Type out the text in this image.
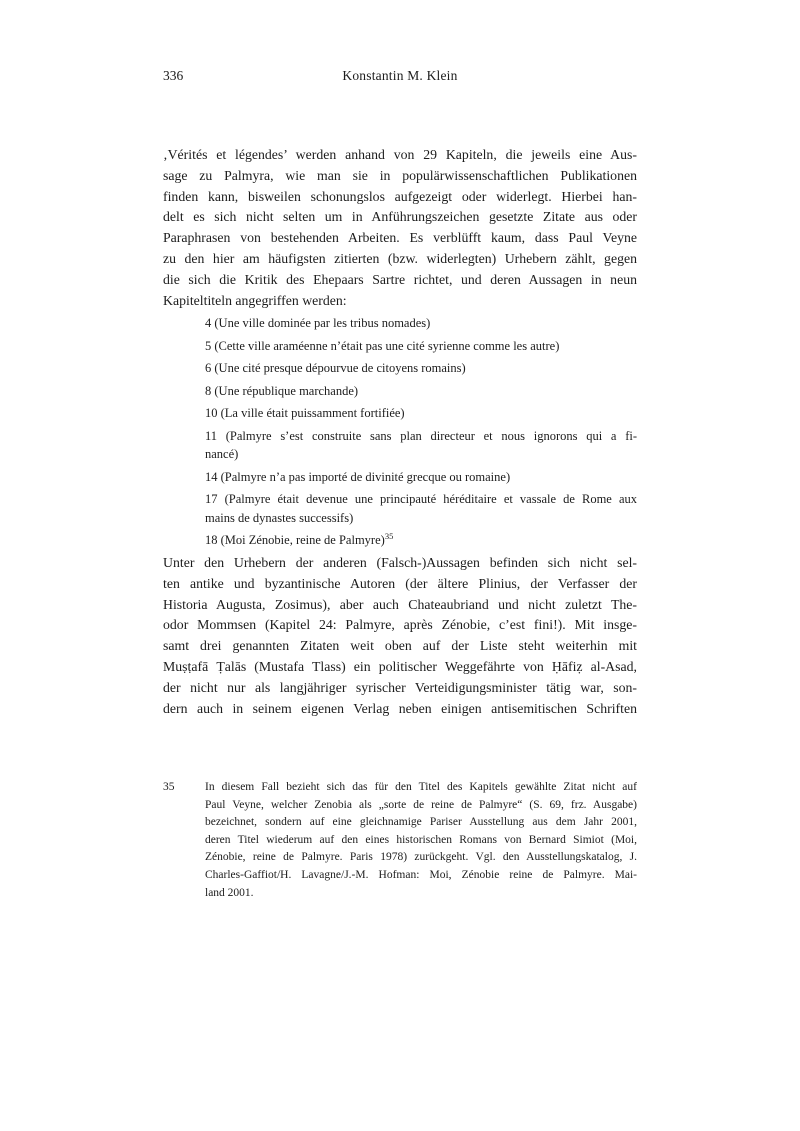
336	Konstantin M. Klein
‚Vérités et légendes’ werden anhand von 29 Kapiteln, die jeweils eine Aus-
sage zu Palmyra, wie man sie in populärwissenschaftlichen Publikationen
finden kann, bisweilen schonungslos aufgezeigt oder widerlegt. Hierbei han-
delt es sich nicht selten um in Anführungszeichen gesetzte Zitate aus oder
Paraphrasen von bestehenden Arbeiten. Es verblüfft kaum, dass Paul Veyne
zu den hier am häufigsten zitierten (bzw. widerlegten) Urhebern zählt, gegen
die sich die Kritik des Ehepaars Sartre richtet, und deren Aussagen in neun
Kapiteltiteln angegriffen werden:
4 (Une ville dominée par les tribus nomades)
5 (Cette ville araméenne n’était pas une cité syrienne comme les autre)
6 (Une cité presque dépourvue de citoyens romains)
8 (Une république marchande)
10 (La ville était puissamment fortifiée)
11 (Palmyre s’est construite sans plan directeur et nous ignorons qui a fi-
nancé)
14 (Palmyre n’a pas importé de divinité grecque ou romaine)
17 (Palmyre était devenue une principauté héréditaire et vassale de Rome aux
mains de dynastes successifs)
18 (Moi Zénobie, reine de Palmyre)$^{35}$
Unter den Urhebern der anderen (Falsch-)Aussagen befinden sich nicht sel-
ten antike und byzantinische Autoren (der ältere Plinius, der Verfasser der
Historia Augusta, Zosimus), aber auch Chateaubriand und nicht zuletzt The-
odor Mommsen (Kapitel 24: Palmyre, après Zénobie, c’est fini!). Mit insge-
samt drei genannten Zitaten weit oben auf der Liste steht weiterhin mit
Muṣṭafā Ṭalās (Mustafa Tlass) ein politischer Weggefährte von Ḥāfiẓ al-Asad,
der nicht nur als langjähriger syrischer Verteidigungsminister tätig war, son-
dern auch in seinem eigenen Verlag neben einigen antisemitischen Schriften
35	In diesem Fall bezieht sich das für den Titel des Kapitels gewählte Zitat nicht auf
Paul Veyne, welcher Zenobia als „sorte de reine de Palmyre“ (S. 69, frz. Ausgabe)
bezeichnet, sondern auf eine gleichnamige Pariser Ausstellung aus dem Jahr 2001,
deren Titel wiederum auf den eines historischen Romans von Bernard Simiot (Moi,
Zénobie, reine de Palmyre. Paris 1978) zurückgeht. Vgl. den Ausstellungskatalog, J.
Charles-Gaffiot/H. Lavagne/J.-M. Hofman: Moi, Zénobie reine de Palmyre. Mai-
land 2001.
